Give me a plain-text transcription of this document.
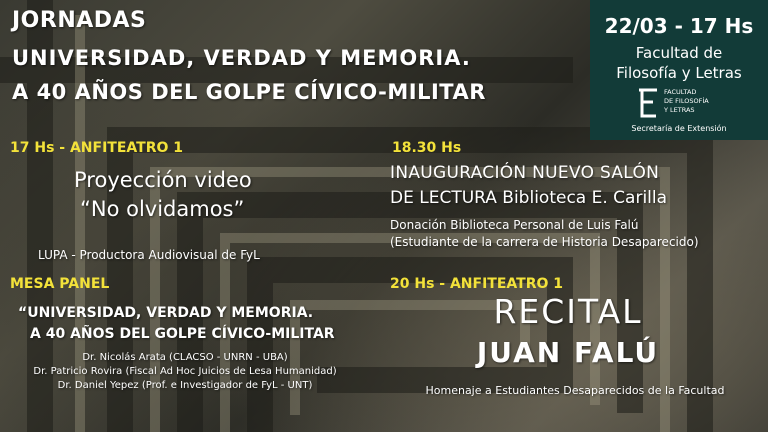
JORNADAS
UNIVERSIDAD, VERDAD Y MEMORIA.
A 40 AÑOS DEL GOLPE CÍVICO-MILITAR
22/03 - 17 Hs
Facultad de
Filosofía y Letras
FACULTAD
DE FILOSOFÍA
Y LETRAS
Secretaría de Extensión
17 Hs - ANFITEATRO 1
Proyección video
“No olvidamos”
LUPA - Productora Audiovisual de FyL
18.30 Hs
INAUGURACIÓN NUEVO SALÓN
DE LECTURA Biblioteca E. Carilla
Donación Biblioteca Personal de Luis Falú
(Estudiante de la carrera de Historia Desaparecido)
MESA PANEL
“UNIVERSIDAD, VERDAD Y MEMORIA.
A 40 AÑOS DEL GOLPE CÍVICO-MILITAR
Dr. Nicolás Arata (CLACSO - UNRN - UBA)
Dr. Patricio Rovira (Fiscal Ad Hoc Juicios de Lesa Humanidad)
Dr. Daniel Yepez (Prof. e Investigador de FyL - UNT)
20 Hs - ANFITEATRO 1
RECITAL
JUAN FALÚ
Homenaje a Estudiantes Desaparecidos de la Facultad
